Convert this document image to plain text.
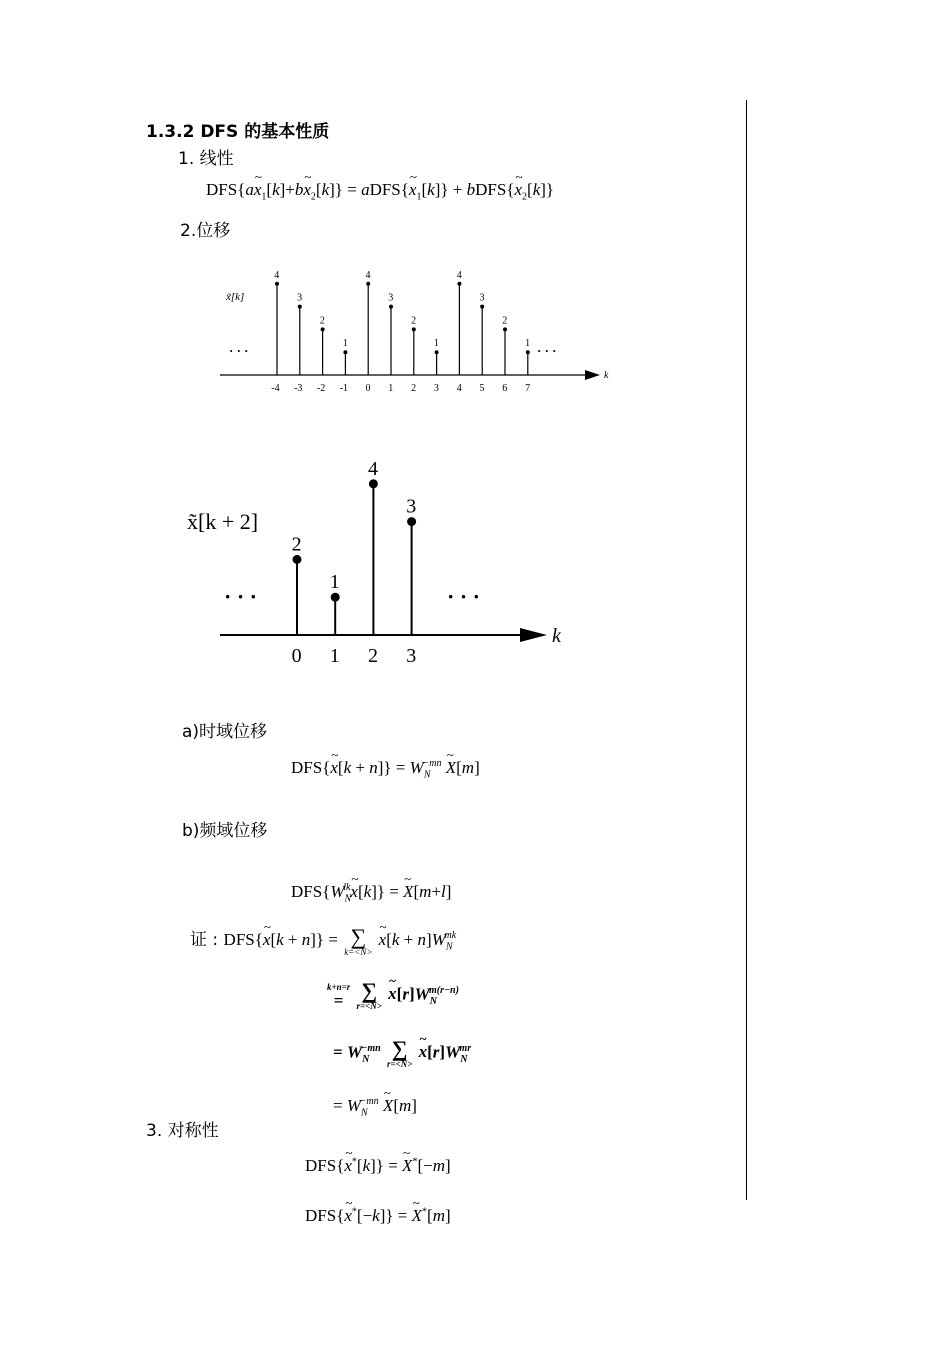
1.3.2 DFS 的基本性质
1. 线性
DFS{a~ $x_1[k]+b\sim$ $x_2[k]$} = aDFS{~ $x_1[k]$} + bDFS{~ $x_2[k]$}
2.位移
k
x̃[k]
· · ·	· · ·
4
-4
3
-3
2
-2
1
-1
4
0
3
1
2
2
1
3
4
4
3
5
2
6
1
7
k
x̃[k + 2]
· · ·	· · ·
2
0
1
1
4
2
3
3
a)时域位移
DFS{~ $x[k + n]\} = W_N^{-mn}$ ~ X[m]
b)频域位移
$DFS\{W_N^{lk}\sim$ x[k]} = ~ X[m+l]
证 : DFS{~ x[k + n]} = ∑
k=<N>
~ $x[k + n]W_N^{mk}$
k+n=r
=
∑
r=<N>
~ $x[r]W_N^{m(r-n)}$
= $W_N^{-mn}$ ∑
r=<N>
~ $x[r]W_N^{mr}$
= $W_N^{-mn}$ ~ X[m]
3. 对称性
DFS{~ x*[k]} = ~ X*[−m]
DFS{~ x*[−k]} = ~ X*[m]
